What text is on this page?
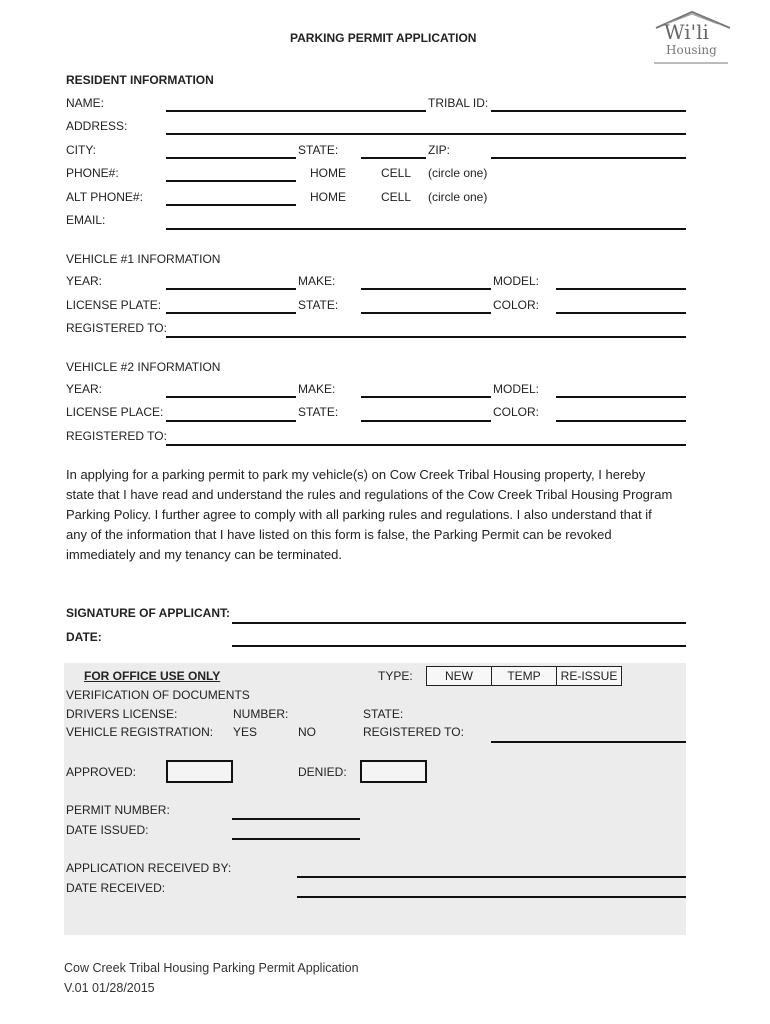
Wi'li
Housing
PARKING PERMIT APPLICATION
RESIDENT INFORMATION
NAME:	TRIBAL ID:
ADDRESS:
CITY:	STATE:	ZIP:
PHONE#:	HOME	CELL (circle one)
ALT PHONE#:	HOME	CELL (circle one)
EMAIL:
VEHICLE #1 INFORMATION
YEAR:	MAKE:	MODEL:
LICENSE PLATE:	STATE:	COLOR:
REGISTERED TO:
VEHICLE #2 INFORMATION
YEAR:	MAKE:	MODEL:
LICENSE PLACE:	STATE:	COLOR:
REGISTERED TO:
In applying for a parking permit to park my vehicle(s) on Cow Creek Tribal Housing property, I hereby state that I have read and understand the rules and regulations of the Cow Creek Tribal Housing Program Parking Policy. I further agree to comply with all parking rules and regulations. I also understand that if any of the information that I have listed on this form is false, the Parking Permit can be revoked immediately and my tenancy can be terminated.
SIGNATURE OF APPLICANT:
DATE:
FOR OFFICE USE ONLY	TYPE:	NEW	TEMP	RE-ISSUE
VERIFICATION OF DOCUMENTS
DRIVERS LICENSE:	NUMBER:	STATE:
VEHICLE REGISTRATION: YES	NO	REGISTERED TO:
APPROVED:	DENIED:
PERMIT NUMBER:
DATE ISSUED:
APPLICATION RECEIVED BY:
DATE RECEIVED:
Cow Creek Tribal Housing Parking Permit Application
V.01 01/28/2015
